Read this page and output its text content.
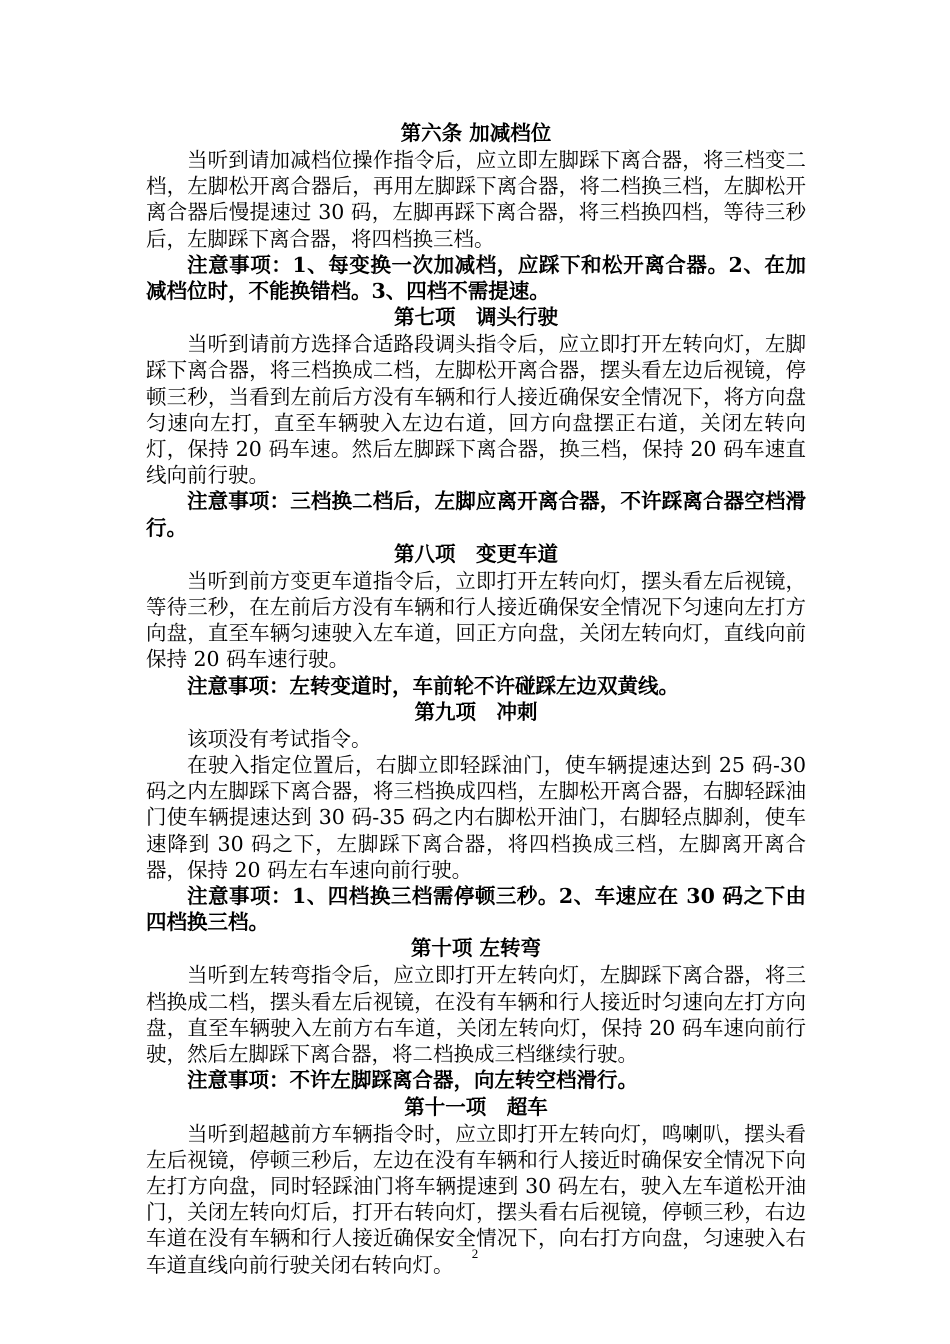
第六条 加减档位

当听到请加减档位操作指令后，应立即左脚踩下离合器，将三档变二档，左脚松开离合器后，再用左脚踩下离合器，将二档换三档，左脚松开离合器后慢提速过 30 码，左脚再踩下离合器，将三档换四档，等待三秒后，左脚踩下离合器，将四档换三档。

注意事项：1、每变换一次加减档，应踩下和松开离合器。2、在加减档位时，不能换错档。3、四档不需提速。

第七项　调头行驶

当听到请前方选择合适路段调头指令后，应立即打开左转向灯，左脚踩下离合器，将三档换成二档，左脚松开离合器，摆头看左边后视镜，停顿三秒，当看到左前后方没有车辆和行人接近确保安全情况下，将方向盘匀速向左打，直至车辆驶入左边右道，回方向盘摆正右道，关闭左转向灯，保持 20 码车速。然后左脚踩下离合器，换三档，保持 20 码车速直线向前行驶。

注意事项：三档换二档后，左脚应离开离合器，不许踩离合器空档滑行。

第八项　变更车道

当听到前方变更车道指令后，立即打开左转向灯，摆头看左后视镜，等待三秒，在左前后方没有车辆和行人接近确保安全情况下匀速向左打方向盘，直至车辆匀速驶入左车道，回正方向盘，关闭左转向灯，直线向前保持 20 码车速行驶。

注意事项：左转变道时，车前轮不许碰踩左边双黄线。

第九项　冲刺

该项没有考试指令。

在驶入指定位置后，右脚立即轻踩油门，使车辆提速达到 25 码-30 码之内左脚踩下离合器，将三档换成四档，左脚松开离合器，右脚轻踩油门使车辆提速达到 30 码-35 码之内右脚松开油门，右脚轻点脚刹，使车速降到 30 码之下，左脚踩下离合器，将四档换成三档，左脚离开离合器，保持 20 码左右车速向前行驶。

注意事项：1、四档换三档需停顿三秒。2、车速应在 30 码之下由四档换三档。

第十项 左转弯

当听到左转弯指令后，应立即打开左转向灯，左脚踩下离合器，将三档换成二档，摆头看左后视镜，在没有车辆和行人接近时匀速向左打方向盘，直至车辆驶入左前方右车道，关闭左转向灯，保持 20 码车速向前行驶，然后左脚踩下离合器，将二档换成三档继续行驶。

注意事项：不许左脚踩离合器，向左转空档滑行。

第十一项　超车

当听到超越前方车辆指令时，应立即打开左转向灯，鸣喇叭，摆头看左后视镜，停顿三秒后，左边在没有车辆和行人接近时确保安全情况下向左打方向盘，同时轻踩油门将车辆提速到 30 码左右，驶入左车道松开油门，关闭左转向灯后，打开右转向灯，摆头看右后视镜，停顿三秒，右边车道在没有车辆和行人接近确保安全情况下，向右打方向盘，匀速驶入右车道直线向前行驶关闭右转向灯。	2
